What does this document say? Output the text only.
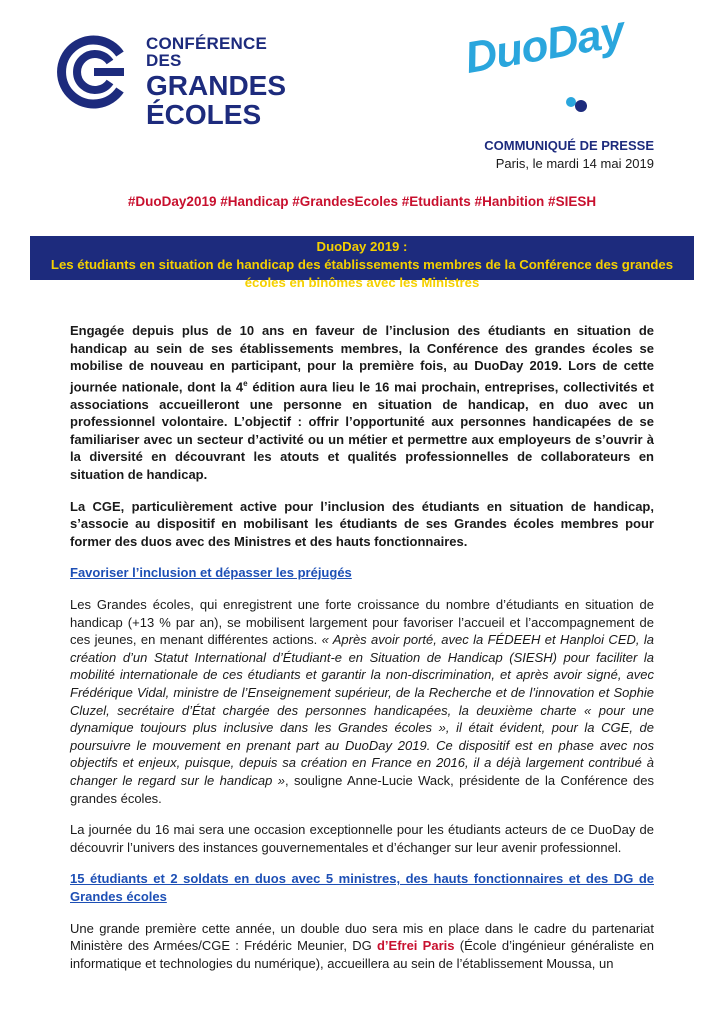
CONFÉRENCE DES
GRANDES
ÉCOLES
DuoDay
COMMUNIQUÉ DE PRESSE
Paris, le mardi 14 mai 2019
#DuoDay2019 #Handicap #GrandesEcoles #Etudiants #Hanbition #SIESH
DuoDay 2019 :
Les étudiants en situation de handicap des établissements membres de la Conférence des grandes écoles en binômes avec les Ministres

Engagée depuis plus de 10 ans en faveur de l’inclusion des étudiants en situation de handicap au sein de ses établissements membres, la Conférence des grandes écoles se mobilise de nouveau en participant, pour la première fois, au DuoDay 2019. Lors de cette journée nationale, dont la 4e édition aura lieu le 16 mai prochain, entreprises, collectivités et associations accueilleront une personne en situation de handicap, en duo avec un professionnel volontaire. L’objectif : offrir l’opportunité aux personnes handicapées de se familiariser avec un secteur d’activité ou un métier et permettre aux employeurs de s’ouvrir à la diversité en découvrant les atouts et qualités professionnelles de collaborateurs en situation de handicap.

La CGE, particulièrement active pour l’inclusion des étudiants en situation de handicap, s’associe au dispositif en mobilisant les étudiants de ses Grandes écoles membres pour former des duos avec des Ministres et des hauts fonctionnaires.

Favoriser l’inclusion et dépasser les préjugés

Les Grandes écoles, qui enregistrent une forte croissance du nombre d’étudiants en situation de handicap (+13 % par an), se mobilisent largement pour favoriser l’accueil et l’accompagnement de ces jeunes, en menant différentes actions. « Après avoir porté, avec la FÉDEEH et Hanploi CED, la création d’un Statut International d’Étudiant-e en Situation de Handicap (SIESH) pour faciliter la mobilité internationale de ces étudiants et garantir la non-discrimination, et après avoir signé, avec Frédérique Vidal, ministre de l’Enseignement supérieur, de la Recherche et de l’innovation et Sophie Cluzel, secrétaire d’État chargée des personnes handicapées, la deuxième charte « pour une dynamique toujours plus inclusive dans les Grandes écoles », il était évident, pour la CGE, de poursuivre le mouvement en prenant part au DuoDay 2019. Ce dispositif est en phase avec nos objectifs et enjeux, puisque, depuis sa création en France en 2016, il a déjà largement contribué à changer le regard sur le handicap », souligne Anne-Lucie Wack, présidente de la Conférence des grandes écoles.

La journée du 16 mai sera une occasion exceptionnelle pour les étudiants acteurs de ce DuoDay de découvrir l’univers des instances gouvernementales et d’échanger sur leur avenir professionnel.

15 étudiants et 2 soldats en duos avec 5 ministres, des hauts fonctionnaires et des DG de Grandes écoles

Une grande première cette année, un double duo sera mis en place dans le cadre du partenariat Ministère des Armées/CGE : Frédéric Meunier, DG d’Efrei Paris (École d’ingénieur généraliste en informatique et technologies du numérique), accueillera au sein de l’établissement Moussa, un
